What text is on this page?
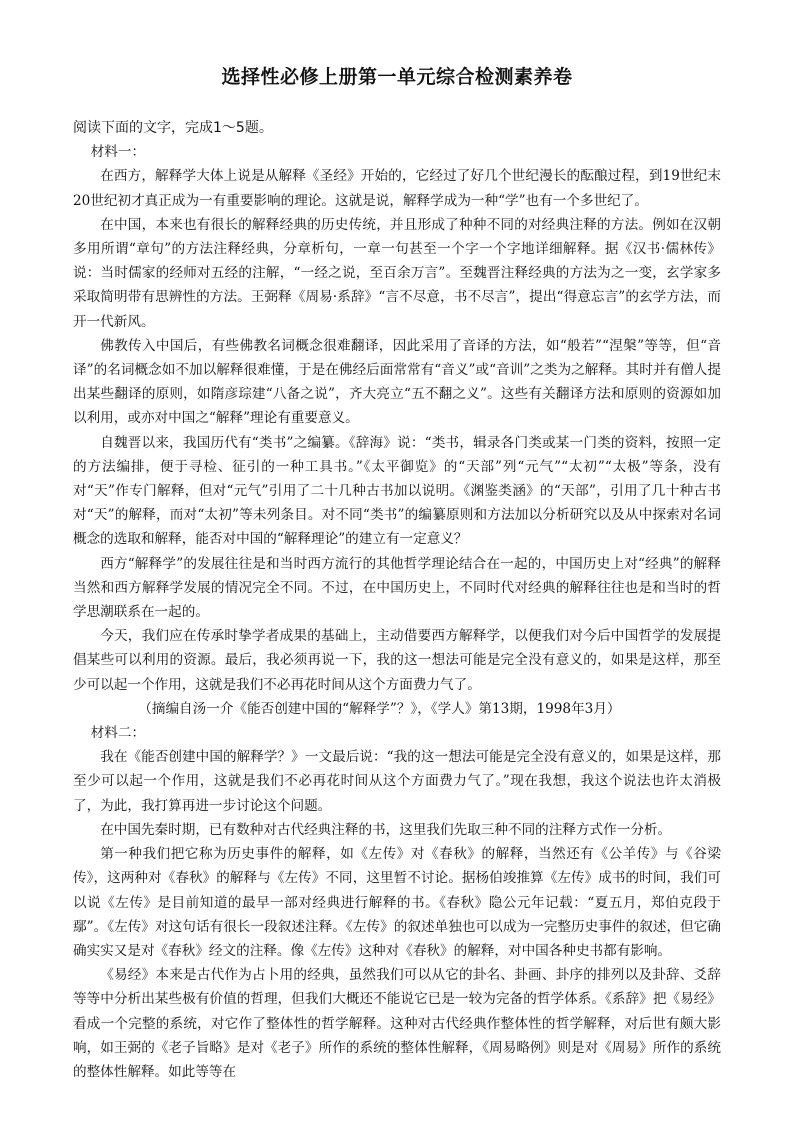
选择性必修上册第一单元综合检测素养卷

阅读下面的文字，完成1～5题。

材料一：

在西方，解释学大体上说是从解释《圣经》开始的，它经过了好几个世纪漫长的酝酿过程，到19世纪末20世纪初才真正成为一有重要影响的理论。这就是说，解释学成为一种“学”也有一个多世纪了。

在中国，本来也有很长的解释经典的历史传统，并且形成了种种不同的对经典注释的方法。例如在汉朝多用所谓“章句”的方法注释经典，分章析句，一章一句甚至一个字一个字地详细解释。据《汉书·儒林传》说：当时儒家的经师对五经的注解，“一经之说，至百余万言”。至魏晋注释经典的方法为之一变，玄学家多采取简明带有思辨性的方法。王弼释《周易·系辞》“言不尽意，书不尽言”，提出“得意忘言”的玄学方法，而开一代新风。

佛教传入中国后，有些佛教名词概念很难翻译，因此采用了音译的方法，如“般若”“涅槃”等等，但“音译”的名词概念如不加以解释很难懂，于是在佛经后面常常有“音义”或“音训”之类为之解释。其时并有僧人提出某些翻译的原则，如隋彦琮建“八备之说”，齐大亮立“五不翻之义”。这些有关翻译方法和原则的资源如加以利用，或亦对中国之“解释”理论有重要意义。

自魏晋以来，我国历代有“类书”之编纂。《辞海》说：“类书，辑录各门类或某一门类的资料，按照一定的方法编排，便于寻检、征引的一种工具书。”《太平御览》的“天部”列“元气”“太初”“太极”等条，没有对“天”作专门解释，但对“元气”引用了二十几种古书加以说明。《渊鉴类涵》的“天部”，引用了几十种古书对“天”的解释，而对“太初”等未列条目。对不同“类书”的编纂原则和方法加以分析研究以及从中探索对名词概念的选取和解释，能否对中国的“解释理论”的建立有一定意义？

西方“解释学”的发展往往是和当时西方流行的其他哲学理论结合在一起的，中国历史上对“经典”的解释当然和西方解释学发展的情况完全不同。不过，在中国历史上，不同时代对经典的解释往往也是和当时的哲学思潮联系在一起的。

今天，我们应在传承时挚学者成果的基础上，主动借要西方解释学，以便我们对今后中国哲学的发展提倡某些可以利用的资源。最后，我必须再说一下，我的这一想法可能是完全没有意义的，如果是这样，那至少可以起一个作用，这就是我们不必再花时间从这个方面费力气了。

（摘编自汤一介《能否创建中国的“解释学”？》，《学人》第13期，1998年3月）

材料二：

我在《能否创建中国的解释学？》一文最后说：“我的这一想法可能是完全没有意义的，如果是这样，那至少可以起一个作用，这就是我们不必再花时间从这个方面费力气了。”现在我想，我这个说法也许太消极了，为此，我打算再进一步讨论这个问题。

在中国先秦时期，已有数种对古代经典注释的书，这里我们先取三种不同的注释方式作一分析。

第一种我们把它称为历史事件的解释，如《左传》对《春秋》的解释，当然还有《公羊传》与《谷梁传》，这两种对《春秋》的解释与《左传》不同，这里暂不讨论。据杨伯竣推算《左传》成书的时间，我们可以说《左传》是目前知道的最早一部对经典进行解释的书。《春秋》隐公元年记载：“夏五月，郑伯克段于鄢”。《左传》对这句话有很长一段叙述注释。《左传》的叙述单独也可以成为一完整历史事件的叙述，但它确确实实又是对《春秋》经文的注释。像《左传》这种对《春秋》的解释，对中国各种史书都有影响。

《易经》本来是古代作为占卜用的经典，虽然我们可以从它的卦名、卦画、卦序的排列以及卦辞、爻辞等等中分析出某些极有价值的哲理，但我们大概还不能说它已是一较为完备的哲学体系。《系辞》把《易经》看成一个完整的系统，对它作了整体性的哲学解释。这种对古代经典作整体性的哲学解释，对后世有颇大影响，如王弼的《老子旨略》是对《老子》所作的系统的整体性解释，《周易略例》则是对《周易》所作的系统的整体性解释。如此等等在
